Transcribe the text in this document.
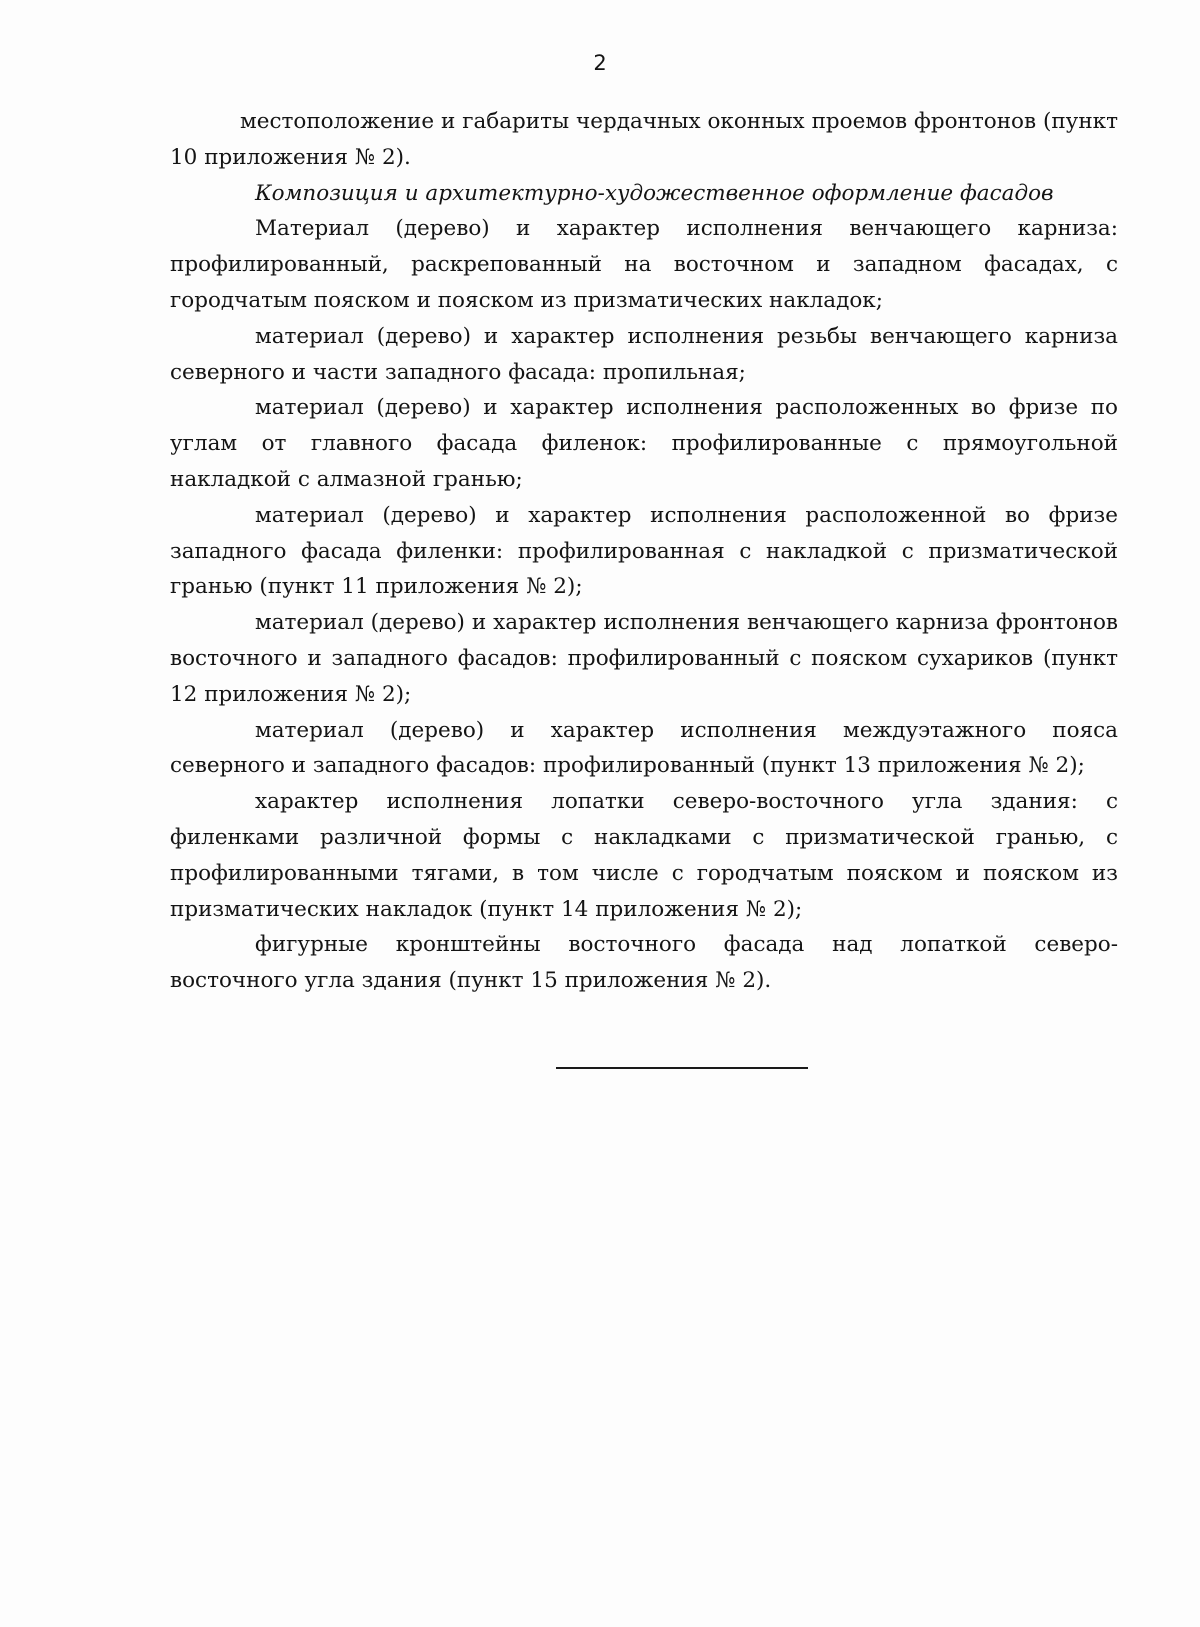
2

местоположение и габариты чердачных оконных проемов фронтонов (пункт 10 приложения № 2).

Композиция и архитектурно-художественное оформление фасадов

Материал (дерево) и характер исполнения венчающего карниза: профилированный, раскрепованный на восточном и западном фасадах, с городчатым пояском и пояском из призматических накладок;

материал (дерево) и характер исполнения резьбы венчающего карниза северного и части западного фасада: пропильная;

материал (дерево) и характер исполнения расположенных во фризе по углам от главного фасада филенок: профилированные с прямоугольной накладкой с алмазной гранью;

материал (дерево) и характер исполнения расположенной во фризе западного фасада филенки: профилированная с накладкой с призматической гранью (пункт 11 приложения № 2);

материал (дерево) и характер исполнения венчающего карниза фронтонов восточного и западного фасадов: профилированный с пояском сухариков (пункт 12 приложения № 2);

материал (дерево) и характер исполнения междуэтажного пояса северного и западного фасадов: профилированный (пункт 13 приложения № 2);

характер исполнения лопатки северо-восточного угла здания: с филенками различной формы с накладками с призматической гранью, с профилированными тягами, в том числе с городчатым пояском и пояском из призматических накладок (пункт 14 приложения № 2);

фигурные кронштейны восточного фасада над лопаткой северо-восточного угла здания (пункт 15 приложения № 2).
